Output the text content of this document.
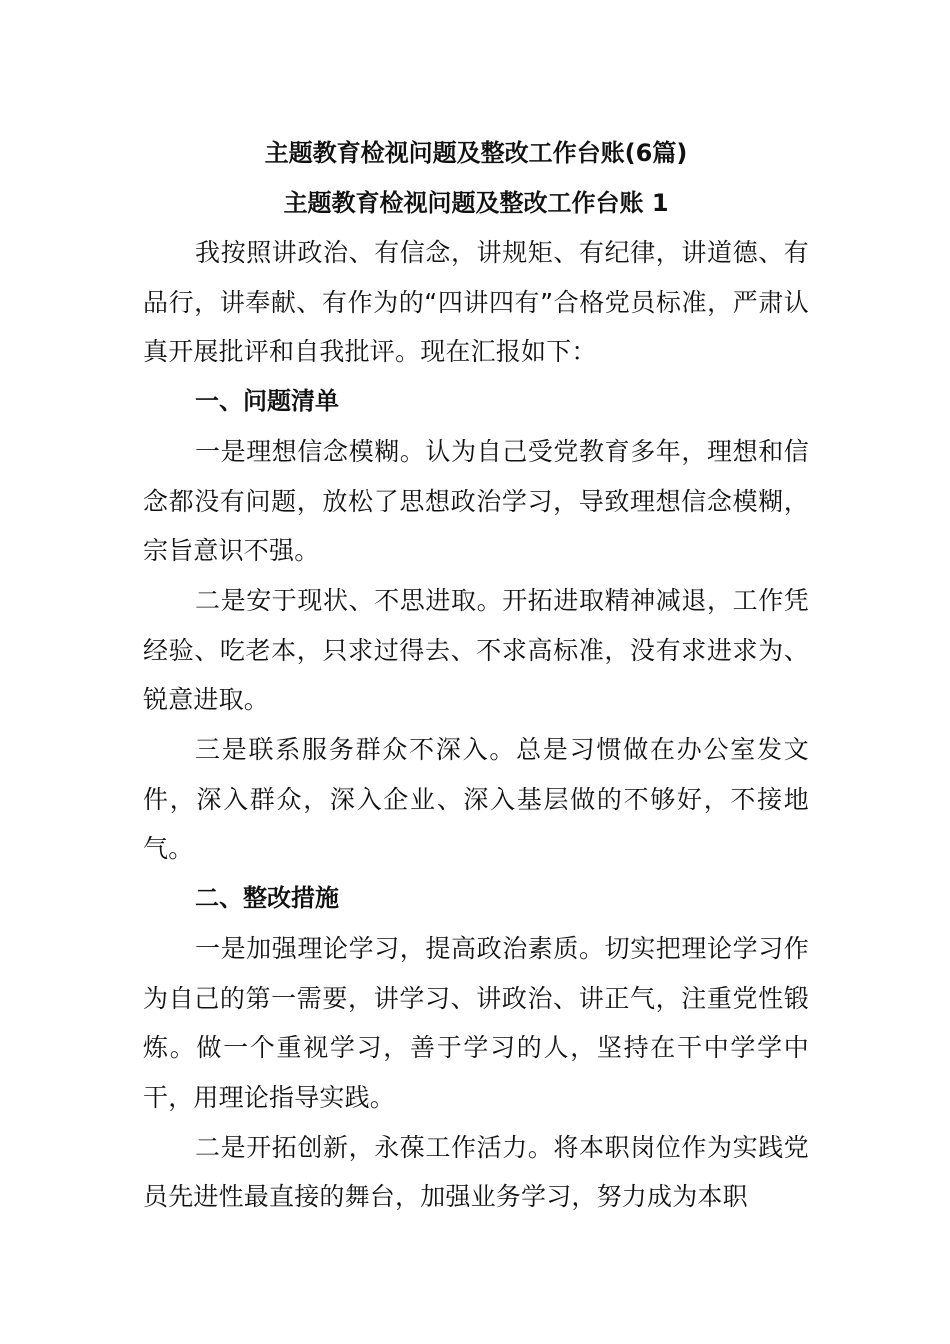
主题教育检视问题及整改工作台账(6篇)

主题教育检视问题及整改工作台账 1

我按照讲政治、有信念，讲规矩、有纪律，讲道德、有品行，讲奉献、有作为的“四讲四有”合格党员标准，严肃认真开展批评和自我批评。现在汇报如下：

一、问题清单

一是理想信念模糊。认为自己受党教育多年，理想和信念都没有问题，放松了思想政治学习，导致理想信念模糊，宗旨意识不强。

二是安于现状、不思进取。开拓进取精神减退，工作凭经验、吃老本，只求过得去、不求高标准，没有求进求为、锐意进取。

三是联系服务群众不深入。总是习惯做在办公室发文件，深入群众，深入企业、深入基层做的不够好，不接地气。

二、整改措施

一是加强理论学习，提高政治素质。切实把理论学习作为自己的第一需要，讲学习、讲政治、讲正气，注重党性锻炼。做一个重视学习，善于学习的人，坚持在干中学学中干，用理论指导实践。

二是开拓创新，永葆工作活力。将本职岗位作为实践党员先进性最直接的舞台，加强业务学习，努力成为本职
